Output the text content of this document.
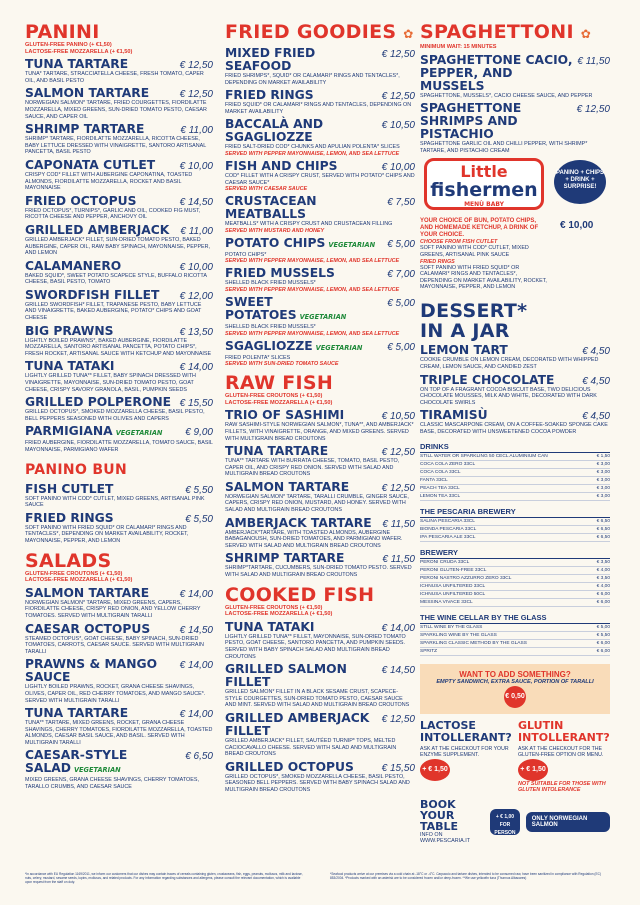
PANINI
GLUTEN-FREE PANINO (+ €1,50)
LACTOSE-FREE MOZZARELLA (+ €1,50)
TUNA TARTARE	€ 12,50
TUNA* TARTARE, STRACCIATELLA CHEESE, FRESH TOMATO, CAPER OIL, AND BASIL PESTO
SALMON TARTARE	€ 12,50
NORWEGIAN SALMON* TARTARE, FRIED COURGETTES, FIORDILATTE MOZZARELLA, MIXED GREENS, SUN-DRIED TOMATO PESTO, CAESAR SAUCE, AND CAPER OIL
SHRIMP TARTARE	€ 11,00
SHRIMP* TARTARE, FIORDILATTE MOZZARELLA, RICOTTA CHEESE, BABY LETTUCE DRESSED WITH VINAIGRETTE, SANTORO ARTISANAL PANCETTA, BASIL PESTO
CAPONATA CUTLET € 10,00
CRISPY COD* FILLET WITH AUBERGINE CAPONATINA, TOASTED ALMONDS, FIORDILATTE MOZZARELLA, ROCKET AND BASIL MAYONNAISE
FRIED OCTOPUS	€ 14,50
FRIED OCTOPUS*, TURNIPS*, GARLIC AND OIL, COOKED FIG MUST, RICOTTA CHEESE AND PEPPER, ANCHOVY OIL
GRILLED AMBERJACK € 11,00
GRILLED AMBERJACK* FILLET, SUN-DRIED TOMATO PESTO, BAKED AUBERGINE, CAPER OIL, RAW BABY SPINACH, MAYONNAISE, PEPPER, AND LEMON
CALAMANERO	€ 10,00
BAKED SQUID*, SWEET POTATO SCAPECE STYLE, BUFFALO RICOTTA CHEESE, BASIL PESTO, TOMATO
SWORDFISH FILLET € 12,00
GRILLED SWORDFISH* FILLET, TRAPANESE PESTO, BABY LETTUCE AND VINAIGRETTE, BAKED AUBERGINE, POTATO* CHIPS AND GOAT CHEESE
BIG PRAWNS	€ 13,50
LIGHTLY BOILED PRAWNS*, BAKED AUBERGINE, FIORDILATTE MOZZARELLA, SANTORO ARTISANAL PANCETTA, POTATO CHIPS*, FRESH ROCKET, ARTISANAL SAUCE WITH KETCHUP AND MAYONNAISE
TUNA TATAKI	€ 14,00
LIGHTLY GRILLED TUNA** FILLET, BABY SPINACH DRESSED WITH VINAIGRETTE, MAYONNAISE, SUN-DRIED TOMATO PESTO, GOAT CHEESE, CRISPY SAVORY GRANOLA, BASIL, PUMPKIN SEEDS
GRILLED POLPERONE € 15,50
GRILLED OCTOPUS*, SMOKED MOZZARELLA CHEESE, BASIL PESTO, BELL PEPPERS SEASONED WITH OLIVES AND CAPERS
PARMIGIANA VEGETARIAN € 9,00
FRIED AUBERGINE, FIORDILATTE MOZZARELLA, TOMATO SAUCE, BASIL MAYONNAISE, PARMIGIANO WAFER
PANINO BUN
FISH CUTLET	€ 5,50
SOFT PANINO WITH COD* CUTLET, MIXED GREENS, ARTISANAL PINK SAUCE
FRIED RINGS	€ 5,50
SOFT PANINO WITH FRIED SQUID* OR CALAMARI* RINGS AND TENTACLES*, DEPENDING ON MARKET AVAILABILITY, ROCKET, MAYONNAISE, PEPPER, AND LEMON
SALADS
GLUTEN-FREE CROUTONS (+ €1,50)
LACTOSE-FREE MOZZARELLA (+ €1,50)
SALMON TARTARE	€ 14,00
NORWEGIAN SALMON* TARTARE, MIXED GREENS, CAPERS, FIORDILATTE CHEESE, CRISPY RED ONION, AND YELLOW CHERRY TOMATOES. SERVED WITH MULTIGRAIN TARALLI
CAESAR OCTOPUS	€ 14,50
STEAMED OCTOPUS*, GOAT CHEESE, BABY SPINACH, SUN-DRIED TOMATOES, CARROTS, CAESAR SAUCE. SERVED WITH MULTIGRAIN TARALLI
PRAWNS & MANGO SAUCE
€ 14,00
LIGHTLY BOILED PRAWNS, ROCKET, GRANA CHEESE SHAVINGS, OLIVES, CAPER OIL, RED CHERRY TOMATOES, AND MANGO SAUCE*. SERVED WITH MULTIGRAIN TARALLI
TUNA TARTARE	€ 14,00
TUNA** TARTARE, MIXED GREENS, ROCKET, GRANA CHEESE SHAVINGS, CHERRY TOMATOES, FIORDILATTE MOZZARELLA, TOASTED ALMONDS, CAESAR BASIL SAUCE, AND BASIL. SERVED WITH MULTIGRAIN TARALLI
CAESAR-STYLE SALAD VEGETARIAN
€ 6,50
MIXED GREENS, GRANA CHEESE SHAVINGS, CHERRY TOMATOES, TARALLO CRUMBS, AND CAESAR SAUCE
FRIED GOODIES ✿
MIXED FRIED SEAFOOD
€ 12,50
FRIED SHRIMPS*, SQUID* OR CALAMARI* RINGS AND TENTACLES*, DEPENDING ON MARKET AVAILABILITY
FRIED RINGS	€ 12,50
FRIED SQUID* OR CALAMARI* RINGS AND TENTACLES, DEPENDING ON MARKET AVAILABILITY
BACCALÀ AND SGAGLIOZZE
€ 10,50
FRIED SALT-DRIED COD* CHUNKS AND APULIAN POLENTA* SLICES
SERVED WITH PEPPER MAYONNAISE, LEMON, AND SEA LETTUCE
FISH AND CHIPS	€ 10,00
COD* FILLET WITH A CRISPY CRUST, SERVED WITH POTATO* CHIPS AND CAESAR SAUCE*
SERVED WITH CAESAR SAUCE
CRUSTACEAN MEATBALLS
€ 7,50
MEATBALLS* WITH A CRISPY CRUST AND CRUSTACEAN FILLING
SERVED WITH MUSTARD AND HONEY
POTATO CHIPS VEGETARIAN € 5,00
POTATO CHIPS*
SERVED WITH PEPPER MAYONNAISE, LEMON, AND SEA LETTUCE
FRIED MUSSELS	€ 7,00
SHELLED BLACK FRIED MUSSELS*
SERVED WITH PEPPER MAYONNAISE, LEMON, AND SEA LETTUCE
SWEET POTATOES VEGETARIAN
€ 5,00
SHELLED BLACK FRIED MUSSELS*
SERVED WITH PEPPER MAYONNAISE, LEMON, AND SEA LETTUCE
SGAGLIOZZE VEGETARIAN € 5,00
FRIED POLENTA* SLICES
SERVED WITH SUN-DRIED TOMATO SAUCE
RAW FISH
GLUTEN-FREE CROUTONS (+ €1,50)
LACTOSE-FREE MOZZARELLA (+ €1,50)
TRIO OF SASHIMI	€ 10,50
RAW SASHIMI-STYLE NORWEGIAN SALMON*, TUNA**, AND AMBERJACK* FILLETS, WITH VINAIGRETTE, ORANGE, AND MIXED GREENS. SERVED WITH MULTIGRAIN BREAD CROUTONS
TUNA TARTARE	€ 12,50
TUNA** TARTARE WITH BURRATA CHEESE, TOMATO, BASIL PESTO, CAPER OIL, AND CRISPY RED ONION. SERVED WITH SALAD AND MULTIGRAIN BREAD CROUTONS
SALMON TARTARE	€ 12,50
NORWEGIAN SALMON* TARTARE, TARALLI CRUMBLE, GINGER SAUCE, CAPERS, CRISPY RED ONION, MUSTARD, AND HONEY. SERVED WITH SALAD AND MULTIGRAIN BREAD CROUTONS
AMBERJACK TARTARE € 11,50
AMBERJACK*TARTARE, WITH TOASTED ALMONDS, AUBERGINE BABAGANOUSH, SUN-DRIED TOMATOES, AND PARMIGIANO WAFER. SERVED WITH SALAD AND MULTIGRAIN BREAD CROUTONS
SHRIMP TARTARE	€ 11,50
SHRIMP*TARTARE, CUCUMBERS, SUN-DRIED TOMATO PESTO. SERVED WITH SALAD AND MULTIGRAIN BREAD CROUTONS
COOKED FISH
GLUTEN-FREE CROUTONS (+ €1,50)
LACTOSE-FREE MOZZARELLA (+ €1,50)
TUNA TATAKI	€ 14,00
LIGHTLY GRILLED TUNA** FILLET, MAYONNAISE, SUN-DRIED TOMATO PESTO, GOAT CHEESE, SANTORO PANCETTA, AND PUMPKIN SEEDS. SERVED WITH BABY SPINACH SALAD AND MULTIGRAIN BREAD CROUTONS
GRILLED SALMON FILLET
€ 14,50
GRILLED SALMON* FILLET IN A BLACK SESAME CRUST, SCAPECE-STYLE COURGETTES, SUN-DRIED TOMATO PESTO, CAESAR SAUCE AND MINT. SERVED WITH SALAD AND MULTIGRAIN BREAD CROUTONS
GRILLED AMBERJACK FILLET
€ 12,50
GRILLED AMBERJACK* FILLET, SAUTÉED TURNIP* TOPS, MELTED CACIOCAVALLO CHEESE. SERVED WITH SALAD AND MULTIGRAIN BREAD CROUTONS
GRILLED OCTOPUS	€ 15,50
GRILLED OCTOPUS*, SMOKED MOZZARELLA CHEESE, BASIL PESTO, SEASONED BELL PEPPERS. SERVED WITH BABY SPINACH SALAD AND MULTIGRAIN BREAD CROUTONS
SPAGHETTONI ✿
MINIMUM WAIT: 15 MINUTES
SPAGHETTONE CACIO, PEPPER, AND MUSSELS
€ 11,50
SPAGHETTONE, MUSSELS*, CACIO CHEESE SAUCE, AND PEPPER
SPAGHETTONE SHRIMPS AND PISTACHIO
€ 12,50
SPAGHETTONE GARLIC OIL AND CHILLI PEPPER, WITH SHRIMP* TARTARE, AND PISTACHIO CREAM
Little
fishermen
MENÙ BABY
PANINO + CHIPS + DRINK + SURPRISE!
YOUR CHOICE OF BUN, POTATO CHIPS, AND HOMEMADE KETCHUP, A DRINK OF YOUR CHOICE.
CHOOSE FROM FISH CUTLET
SOFT PANINO WITH COD* CUTLET, MIXED GREENS, ARTISANAL PINK SAUCE
FRIED RINGS
SOFT PANINO WITH FRIED SQUID* OR CALAMARI* RINGS AND TENTACLES*, DEPENDING ON MARKET AVAILABILITY, ROCKET, MAYONNAISE, PEPPER, AND LEMON
€ 10,00
DESSERT*
IN A JAR
LEMON TART	€ 4,50
COOKIE CRUMBLE ON LEMON CREAM, DECORATED WITH WHIPPED CREAM, LEMON SAUCE, AND CANDIED ZEST
TRIPLE CHOCOLATE	€ 4,50
ON TOP OF A FRAGRANT COCOA BISCUIT BASE, TWO DELICIOUS CHOCOLATE MOUSSES, MILK AND WHITE, DECORATED WITH DARK CHOCOLATE SWIRLS
TIRAMISÙ	€ 4,50
CLASSIC MASCARPONE CREAM, ON A COFFEE-SOAKED SPONGE CAKE BASE, DECORATED WITH UNSWEETENED COCOA POWDER
DRINKS
STILL WATER OR SPARKLING 50 CECL ALUMINIUM CAN	€ 1,50
COCA COLA ZERO 33CL	€ 3,00
COCA COLA 33CL	€ 3,00
FANTA 33CL	€ 3,00
PEACH TEA 33CL	€ 3,00
LEMON TEA 33CL	€ 3,00
THE PESCARIA BREWERY
SALINA PESCARIA 33CL	€ 6,50
BIONDA PESCARIA 33CL	€ 6,50
IPA PESCARIA ALE 33CL	€ 6,50
BREWERY
PERONI CRUDA 33CL	€ 3,50
PERONI GLUTEN-FREE 33CL	€ 4,00
PERONI NASTRO AZZURRO ZERO 33CL	€ 3,50
ICHNUSA UNFILTERED 33CL	€ 4,00
ICHNUSA UNFILTERED 50CL	€ 6,00
MESSINA VIVACE 33CL	€ 6,00
THE WINE CELLAR BY THE GLASS
STILL WINE BY THE GLASS	€ 5,00
SPARKLING WINE BY THE GLASS	€ 5,50
SPARKLING CLASSIC METHOD BY THE GLASS	€ 6,00
SPRITZ	€ 6,00
WANT TO ADD SOMETHING?
EMPTY SANDWICH, EXTRA SAUCE, PORTION OF TARALLI
€ 0,50
LACTOSE
INTOLLERANT?
ASK AT THE CHECKOUT FOR YOUR ENZYME SUPPLEMENT.
+ € 1,50
GLUTIN
INTOLLERANT?
ASK AT THE CHECKOUT FOR THE GLUTEN-FREE OPTION OR MENU.
+ € 1,50
NOT SUITABLE FOR THOSE WITH GLUTEN INTOLERANCE
BOOK YOUR
TABLE
INFO ON WWW.PESCARIA.IT
+ € 1,00 FOR PERSON
ONLY NORWEGIAN SALMON
*In accordance with EU Regulation 1169/2011, we inform our customers that our dishes may contain traces of cereals containing gluten, crustaceans, fish, eggs, peanuts, molluscs, milk and lactose, nuts, celery, mustard, sesame seeds, lupins, molluscs, and related products. For any information regarding substances and allergens, please consult the relevant documentation, which is available upon request from the staff on duty.
*Seafood products arrive at our premises via a cold chain at -18°C or -4°C. Carpaccio and tartare dishes, intended to be consumed raw, have been sanitized in compliance with Regulation (EC) 853/2004. *Products marked with an asterisk are to be considered frozen and/or deep-frozen. **We use yellowfin tuna (Thunnus Albacares)
